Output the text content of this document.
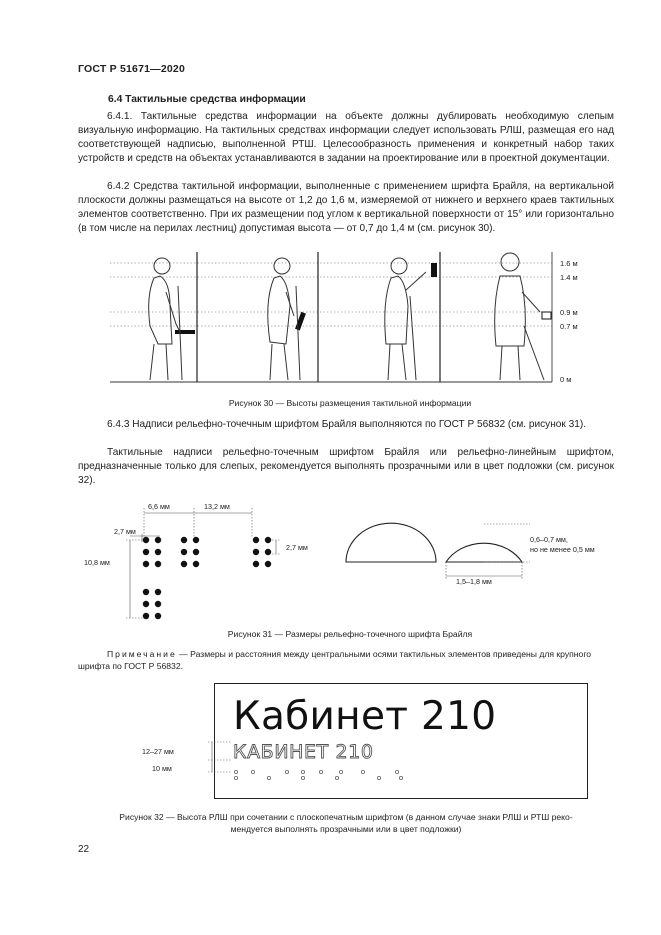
ГОСТ Р 51671—2020
6.4 Тактильные средства информации
6.4.1. Тактильные средства информации на объекте должны дублировать необходимую слепым визуальную информацию. На тактильных средствах информации следует использовать РЛШ, размещая его над соответствующей надписью, выполненной РТШ. Целесообразность применения и конкретный набор таких устройств и средств на объектах устанавливаются в задании на проектирование или в проектной документации.
6.4.2 Средства тактильной информации, выполненные с применением шрифта Брайля, на вертикальной плоскости должны размещаться на высоте от 1,2 до 1,6 м, измеряемой от нижнего и верхнего краев тактильных элементов соответственно. При их размещении под углом к вертикальной поверхности от 15° или горизонтально (в том числе на перилах лестниц) допустимая высота — от 0,7 до 1,4 м (см. рисунок 30).
1.6 м
1.4 м
0.9 м
0.7 м
0 м
Рисунок 30 — Высоты размещения тактильной информации
6.4.3 Надписи рельефно-точечным шрифтом Брайля выполняются по ГОСТ Р 56832 (см. рисунок 31).
Тактильные надписи рельефно-точечным шрифтом Брайля или рельефно-линейным шрифтом, предназначенные только для слепых, рекомендуется выполнять прозрачными или в цвет подложки (см. рисунок 32).
6,6 мм	13,2 мм
2,7 мм
2,7 мм
10,8 мм
0,6–0,7 мм,
но не менее 0,5 мм
1,5–1,8 мм
Рисунок 31 — Размеры рельефно-точечного шрифта Брайля
Примечание — Размеры и расстояния между центральными осями тактильных элементов приведены для крупного шрифта по ГОСТ Р 56832.
Кабинет 210
КАБИНЕТ 210
12–27 мм
10 мм
Рисунок 32 — Высота РЛШ при сочетании с плоскопечатным шрифтом (в данном случае знаки РЛШ и РТШ реко-
мендуется выполнять прозрачными или в цвет подложки)
22
